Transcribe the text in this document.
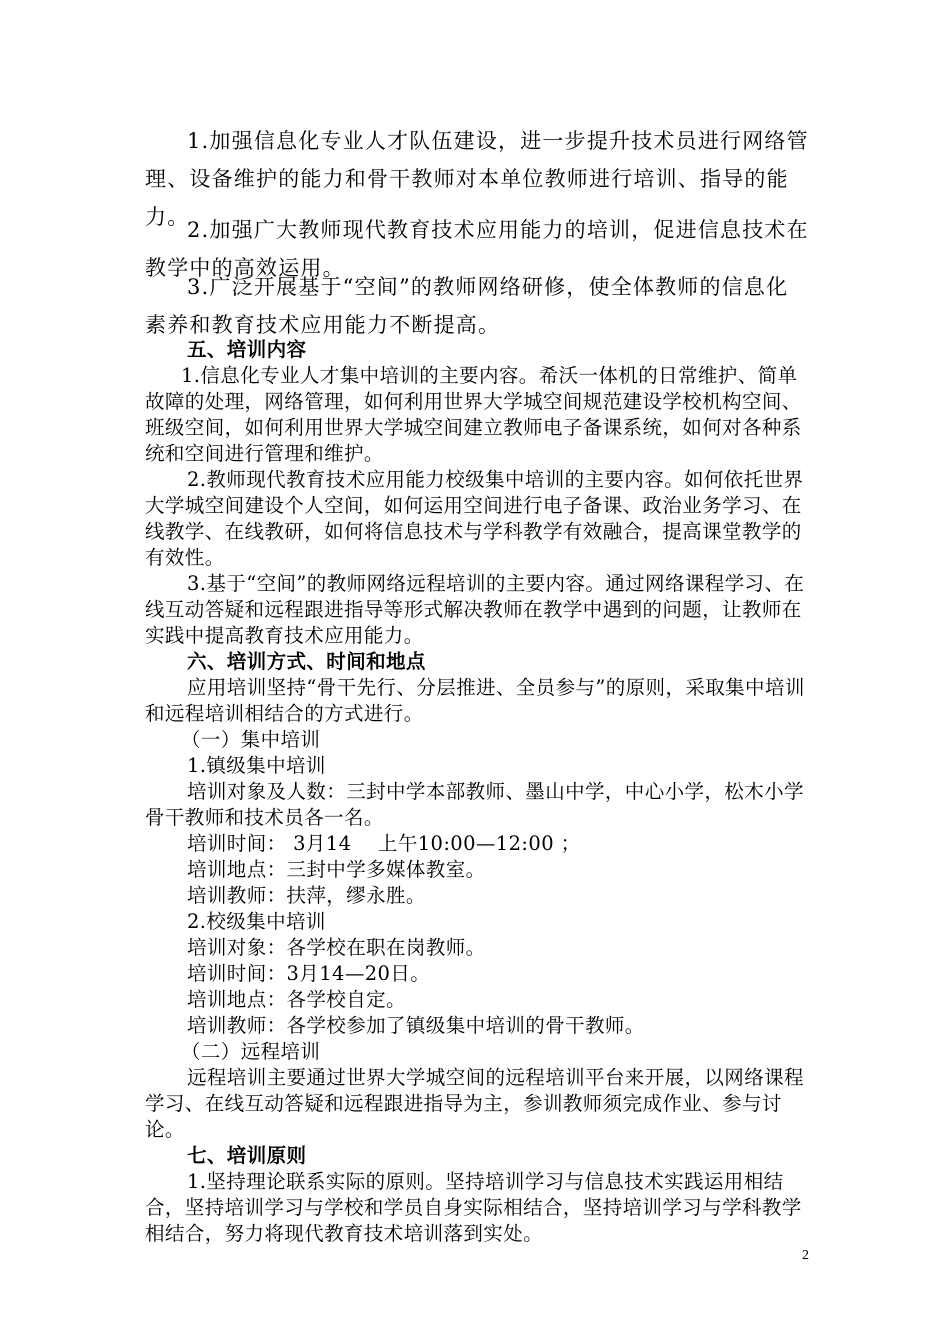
1.加强信息化专业人才队伍建设，进一步提升技术员进行网络管理、设备维护的能力和骨干教师对本单位教师进行培训、指导的能力。

2.加强广大教师现代教育技术应用能力的培训，促进信息技术在教学中的高效运用。

3.广泛开展基于“空间”的教师网络研修，使全体教师的信息化素养和教育技术应用能力不断提高。

五、培训内容
1.信息化专业人才集中培训的主要内容。希沃一体机的日常维护、简单故障的处理，网络管理，如何利用世界大学城空间规范建设学校机构空间、班级空间，如何利用世界大学城空间建立教师电子备课系统，如何对各种系统和空间进行管理和维护。
2.教师现代教育技术应用能力校级集中培训的主要内容。如何依托世界大学城空间建设个人空间，如何运用空间进行电子备课、政治业务学习、在线教学、在线教研，如何将信息技术与学科教学有效融合，提高课堂教学的有效性。
3.基于“空间”的教师网络远程培训的主要内容。通过网络课程学习、在线互动答疑和远程跟进指导等形式解决教师在教学中遇到的问题，让教师在实践中提高教育技术应用能力。
六、培训方式、时间和地点
应用培训坚持“骨干先行、分层推进、全员参与”的原则，采取集中培训和远程培训相结合的方式进行。
（一）集中培训
1.镇级集中培训
培训对象及人数：三封中学本部教师、墨山中学，中心小学，松木小学骨干教师和技术员各一名。
培训时间： 3月14　 上午10:00—12:00 ；
培训地点：三封中学多媒体教室。
培训教师：扶萍，缪永胜。
2.校级集中培训
培训对象：各学校在职在岗教师。
培训时间：3月14—20日。
培训地点：各学校自定。
培训教师：各学校参加了镇级集中培训的骨干教师。
（二）远程培训
远程培训主要通过世界大学城空间的远程培训平台来开展，以网络课程学习、在线互动答疑和远程跟进指导为主，参训教师须完成作业、参与讨论。
七、培训原则
1.坚持理论联系实际的原则。坚持培训学习与信息技术实践运用相结合，坚持培训学习与学校和学员自身实际相结合，坚持培训学习与学科教学相结合，努力将现代教育技术培训落到实处。
2
